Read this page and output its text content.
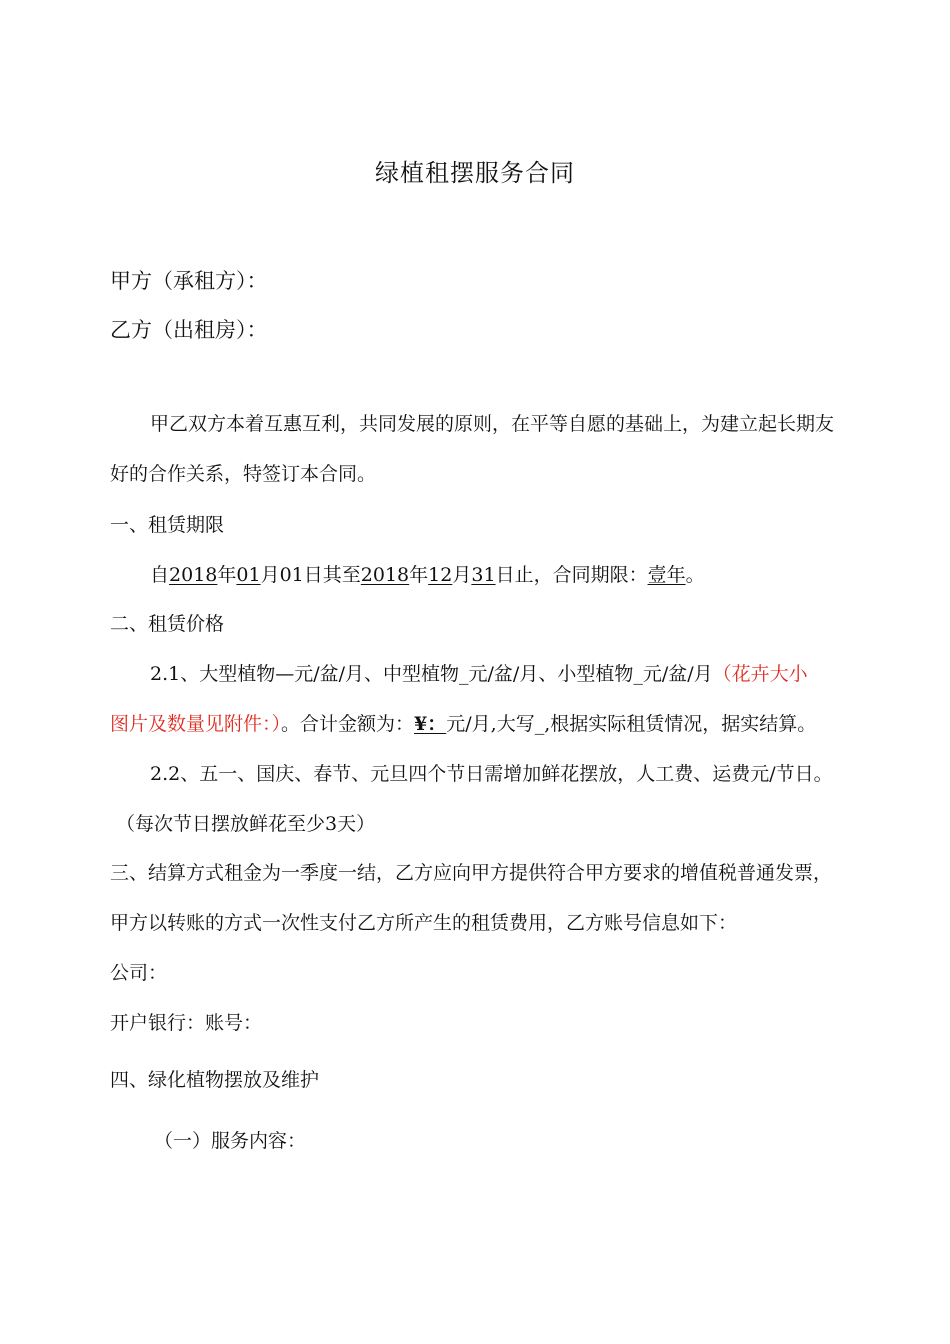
绿植租摆服务合同
甲方（承租方）：
乙方（出租房）：
甲乙双方本着互惠互利，共同发展的原则，在平等自愿的基础上，为建立起长期友
好的合作关系，特签订本合同。
一、租赁期限
自2018年01月01日其至2018年12月31日止，合同期限：壹年。
二、租赁价格
2.1、大型植物—元/盆/月、中型植物_元/盆/月、小型植物_元/盆/月（花卉大小
图片及数量见附件：）。合计金额为：¥：元/月,大写_,根据实际租赁情况，据实结算。
2.2、五一、国庆、春节、元旦四个节日需增加鲜花摆放，人工费、运费元/节日。
（每次节日摆放鲜花至少3天）
三、结算方式租金为一季度一结，乙方应向甲方提供符合甲方要求的增值税普通发票，
甲方以转账的方式一次性支付乙方所产生的租赁费用，乙方账号信息如下：
公司：
开户银行：账号：
四、绿化植物摆放及维护
（一）服务内容：
